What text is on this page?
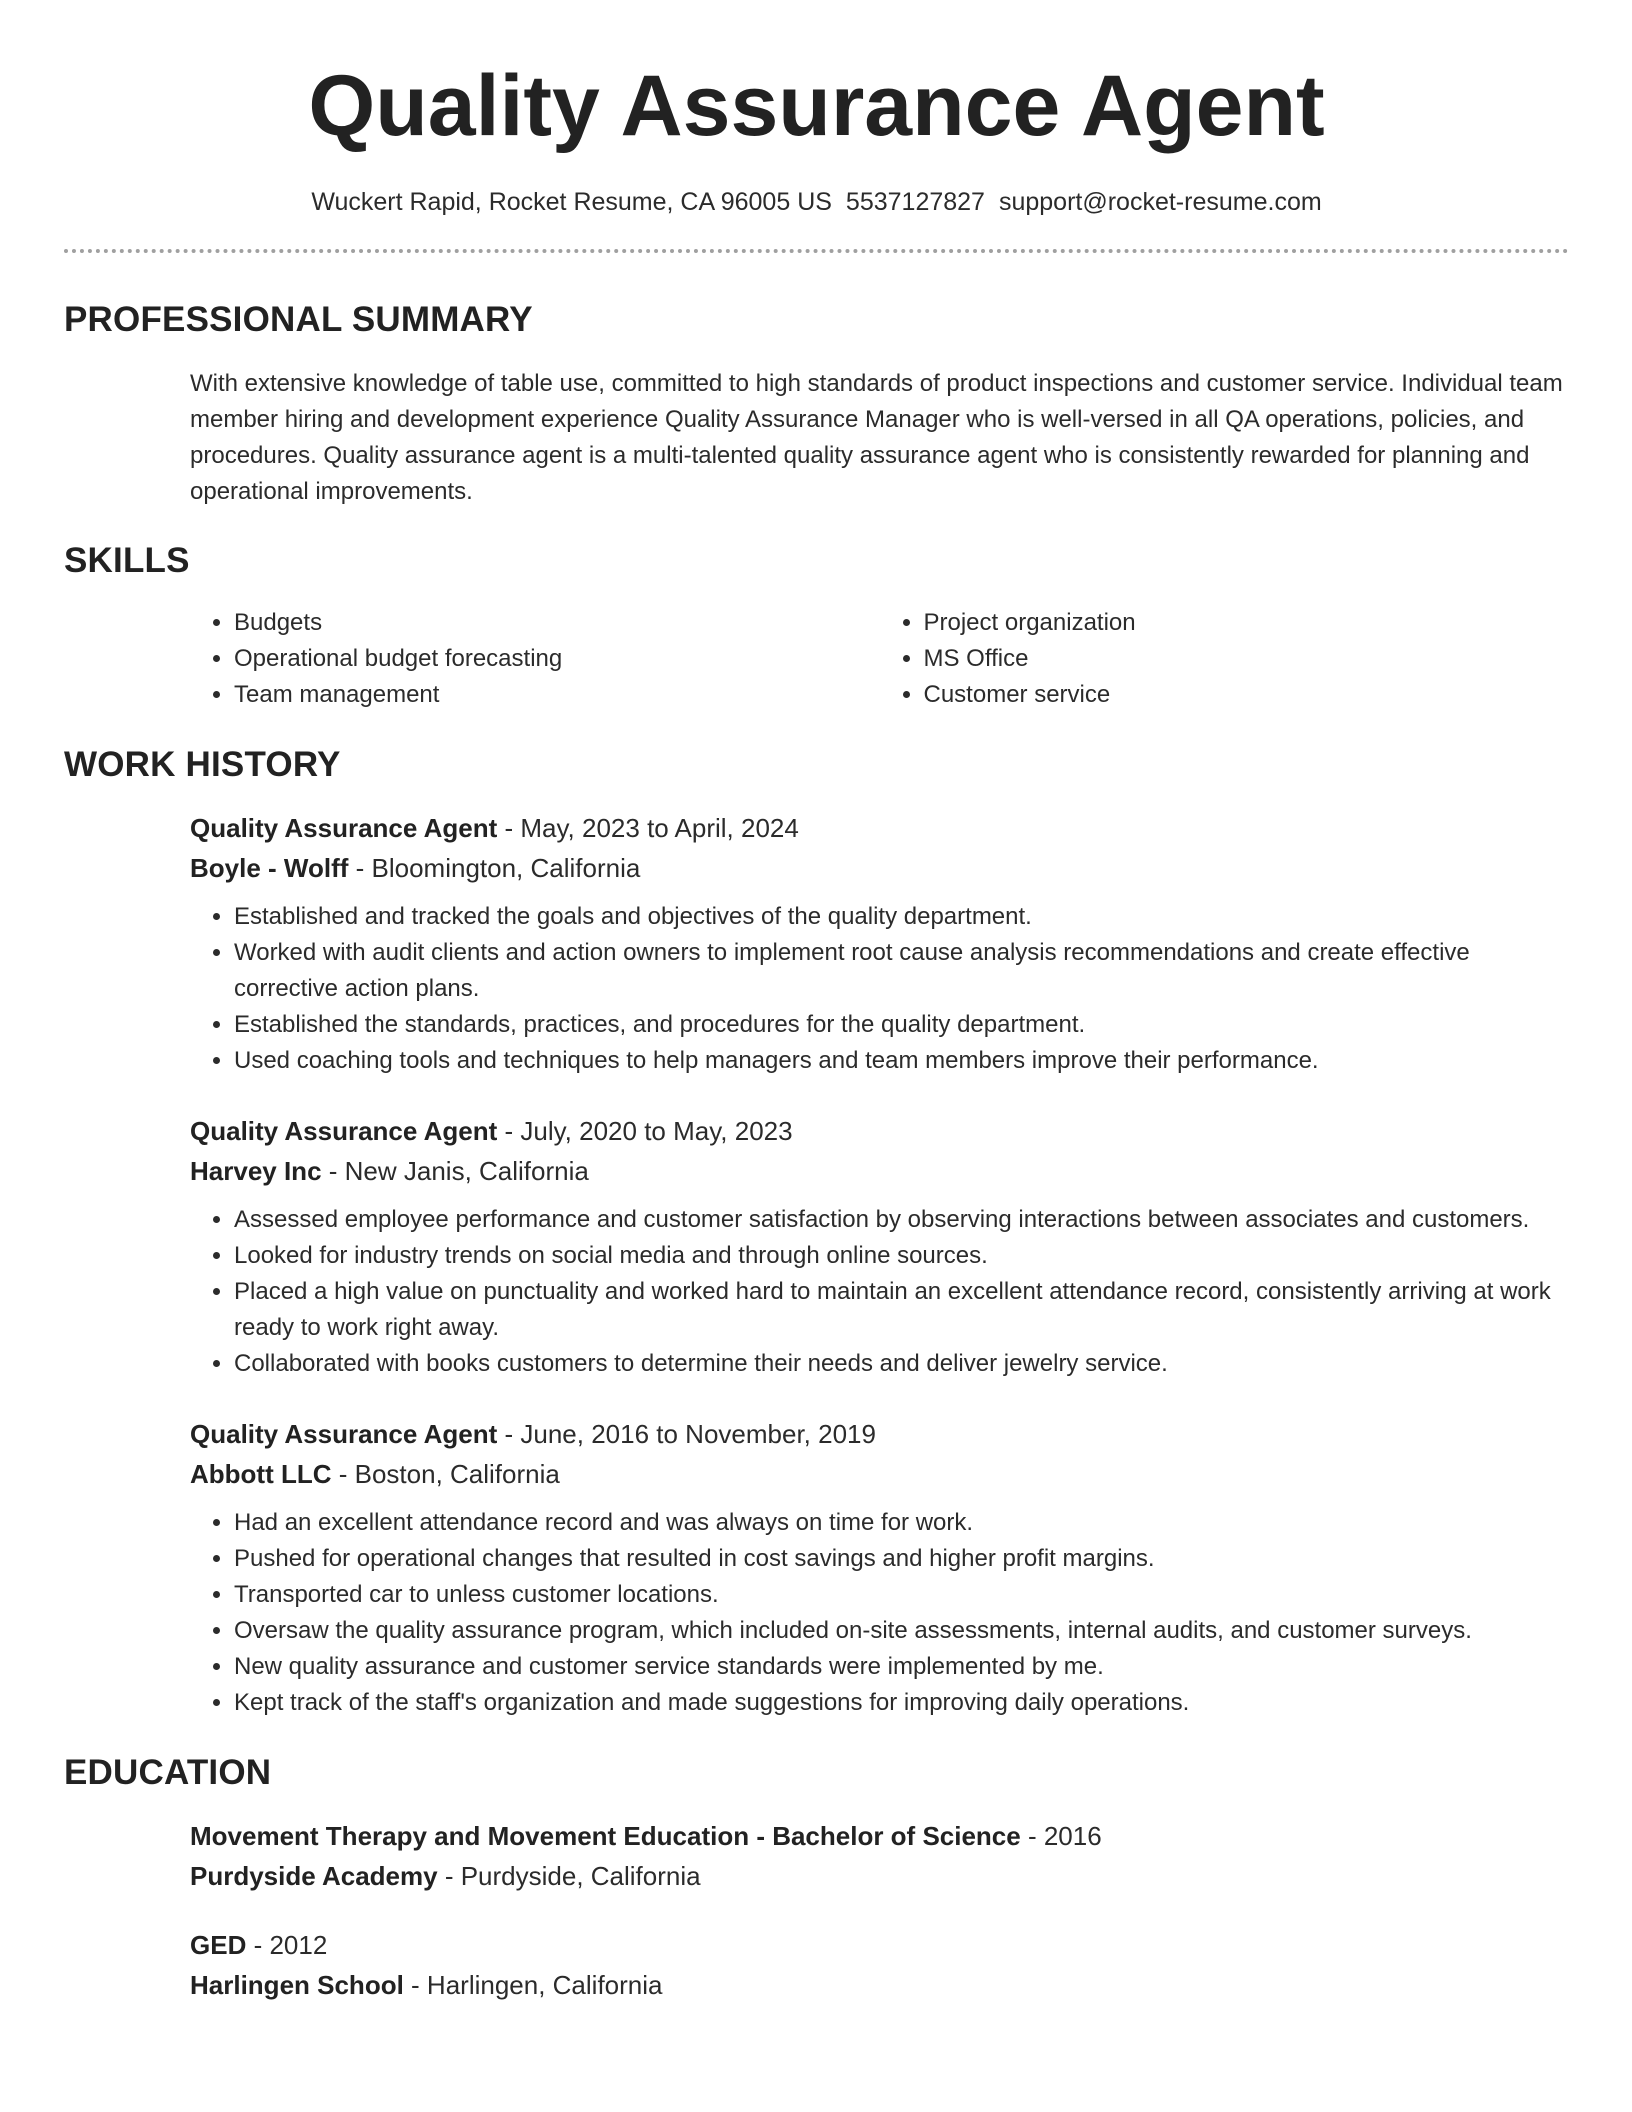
Quality Assurance Agent
Wuckert Rapid, Rocket Resume, CA 96005 US 5537127827 support@rocket-resume.com
PROFESSIONAL SUMMARY

With extensive knowledge of table use, committed to high standards of product inspections and customer service. Individual team member hiring and development experience Quality Assurance Manager who is well-versed in all QA operations, policies, and procedures. Quality assurance agent is a multi-talented quality assurance agent who is consistently rewarded for planning and operational improvements.

SKILLS
• Budgets
• Operational budget forecasting
• Team management
• Project organization
• MS Office
• Customer service
WORK HISTORY
Quality Assurance Agent - May, 2023 to April, 2024
Boyle - Wolff - Bloomington, California
• Established and tracked the goals and objectives of the quality department.
• Worked with audit clients and action owners to implement root cause analysis recommendations and create effective corrective action plans.
• Established the standards, practices, and procedures for the quality department.
• Used coaching tools and techniques to help managers and team members improve their performance.
Quality Assurance Agent - July, 2020 to May, 2023
Harvey Inc - New Janis, California
• Assessed employee performance and customer satisfaction by observing interactions between associates and customers.
• Looked for industry trends on social media and through online sources.
• Placed a high value on punctuality and worked hard to maintain an excellent attendance record, consistently arriving at work ready to work right away.
• Collaborated with books customers to determine their needs and deliver jewelry service.
Quality Assurance Agent - June, 2016 to November, 2019
Abbott LLC - Boston, California
• Had an excellent attendance record and was always on time for work.
• Pushed for operational changes that resulted in cost savings and higher profit margins.
• Transported car to unless customer locations.
• Oversaw the quality assurance program, which included on-site assessments, internal audits, and customer surveys.
• New quality assurance and customer service standards were implemented by me.
• Kept track of the staff's organization and made suggestions for improving daily operations.
EDUCATION
Movement Therapy and Movement Education - Bachelor of Science - 2016
Purdyside Academy - Purdyside, California
GED - 2012
Harlingen School - Harlingen, California
